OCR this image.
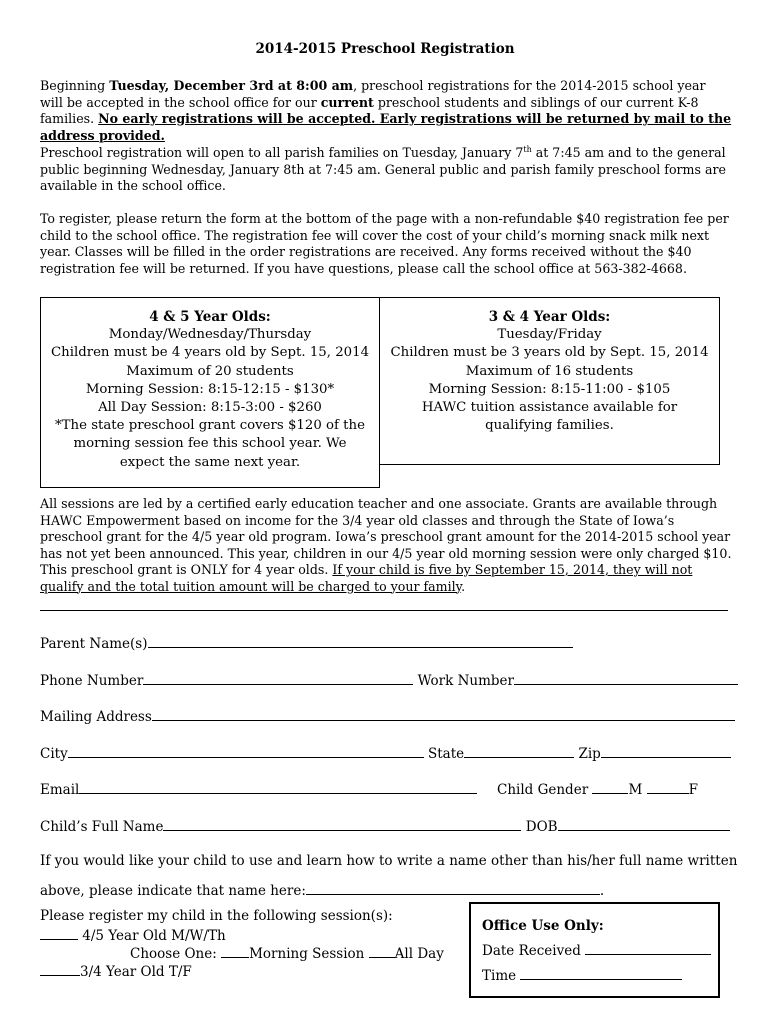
2014-2015 Preschool Registration

Beginning Tuesday, December 3rd at 8:00 am, preschool registrations for the 2014-2015 school year will be accepted in the school office for our current preschool students and siblings of our current K-8 families. No early registrations will be accepted. Early registrations will be returned by mail to the address provided.

Preschool registration will open to all parish families on Tuesday, January 7th at 7:45 am and to the general public beginning Wednesday, January 8th at 7:45 am. General public and parish family preschool forms are available in the school office.

To register, please return the form at the bottom of the page with a non-refundable $40 registration fee per child to the school office. The registration fee will cover the cost of your child’s morning snack milk next year. Classes will be filled in the order registrations are received. Any forms received without the $40 registration fee will be returned. If you have questions, please call the school office at 563-382-4668.

4 & 5 Year Olds:
Monday/Wednesday/Thursday
Children must be 4 years old by Sept. 15, 2014
Maximum of 20 students
Morning Session: 8:15-12:15 - $130*
All Day Session: 8:15-3:00 - $260
*The state preschool grant covers $120 of the morning session fee this school year. We expect the same next year.
3 & 4 Year Olds:
Tuesday/Friday
Children must be 3 years old by Sept. 15, 2014
Maximum of 16 students
Morning Session: 8:15-11:00 - $105
HAWC tuition assistance available for qualifying families.

All sessions are led by a certified early education teacher and one associate. Grants are available through HAWC Empowerment based on income for the 3/4 year old classes and through the State of Iowa’s preschool grant for the 4/5 year old program. Iowa’s preschool grant amount for the 2014-2015 school year has not yet been announced. This year, children in our 4/5 year old morning session were only charged $10. This preschool grant is ONLY for 4 year olds. If your child is five by September 15, 2014, they will not qualify and the total tuition amount will be charged to your family.

Parent Name(s)
Phone Number	Work Number
Mailing Address
City	State	Zip
Email	Child Gender	M	F
Child’s Full Name	DOB
If you would like your child to use and learn how to write a name other than his/her full name written
above, please indicate that name here:	.
Please register my child in the following session(s):
4/5 Year Old M/W/Th
Choose One: Morning Session All Day
3/4 Year Old T/F
Office Use Only:
Date Received
Time
